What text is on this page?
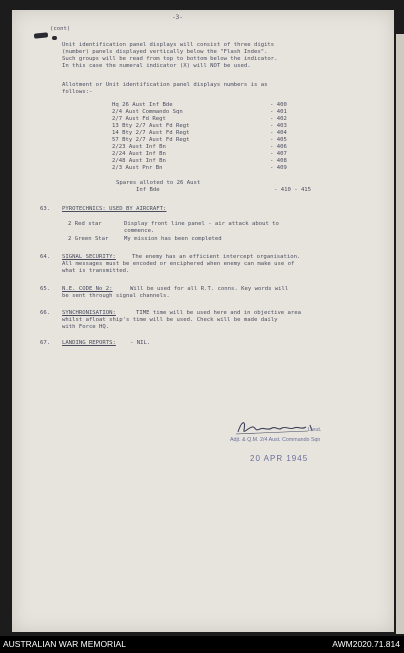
-3-
(cont)
Unit identification panel displays will consist of three digits
(number) panels displayed vertically below the "Flash Index".
Such groups will be read from top to bottom below the indicator.
In this case the numeral indicator (X) will NOT be used.
Allotment or Unit identification panel displays numbers is as
follows:-
Hq 26 Aust Inf Bde	- 400
2/4 Aust Commando Sqn	- 401
2/7 Aust Fd Regt	- 402
13 Bty 2/7 Aust Fd Regt	- 403
14 Bty 2/7 Aust Fd Regt	- 404
57 Bty 2/7 Aust Fd Regt	- 405
2/23 Aust Inf Bn	- 406
2/24 Aust Inf Bn	- 407
2/48 Aust Inf Bn	- 408
2/3 Aust Pnr Bn	- 409
Spares alloted to 26 Aust
Inf Bde	- 410 - 415
63. PYROTECHNICS: USED BY AIRCRAFT:
2 Red star	Display front line panel - air attack about to
commence.
2 Green Star	My mission has been completed
64. SIGNAL SECURITY:	The enemy has an efficient intercept organisation.
All messages must be encoded or enciphered when enemy can make use of
what is transmitted.
65. N.E. CODE No 2:	Will be used for all R.T. conns. Key words will
be sent through signal channels.
66. SYNCHRONISATION:	TIME time will be used here and in objective area
whilst afloat ship's time will be used. Check will be made daily
with Force HQ.
67. LANDING REPORTS:	- NIL.
Lieut.
Adjt. & Q.M. 2/4 Aust. Commando Sqn
20 APR 1945
AUSTRALIAN WAR MEMORIAL	AWM2020.71.814
